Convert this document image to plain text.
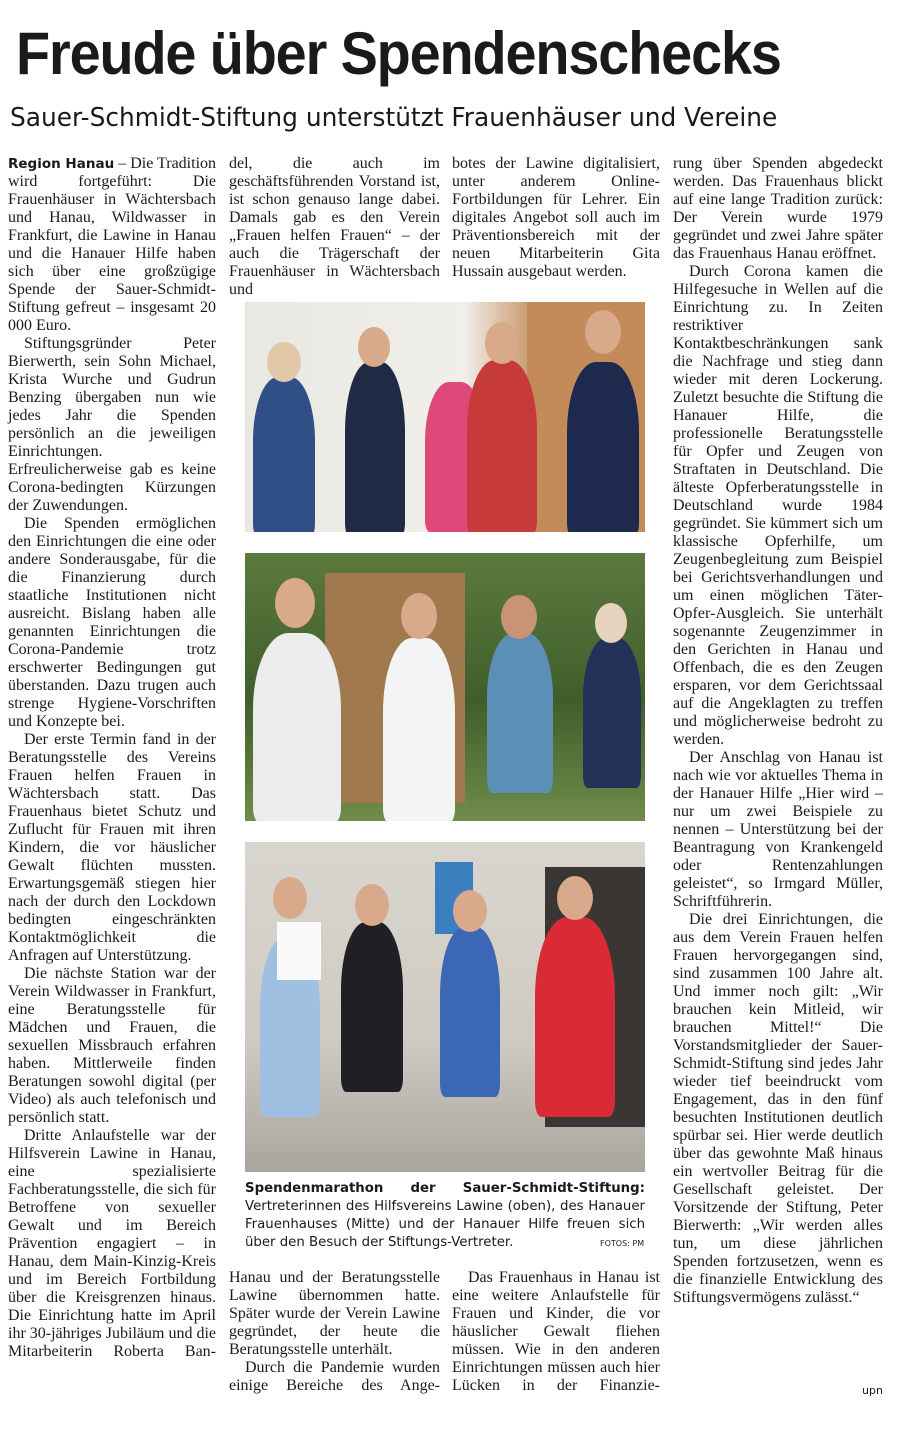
Freude über Spendenschecks
Sauer-Schmidt-Stiftung unterstützt Frauenhäuser und Vereine

Region Hanau – Die Tradition wird fortgeführt: Die Frauenhäuser in Wächtersbach und Hanau, Wildwasser in Frankfurt, die Lawine in Hanau und die Hanauer Hilfe haben sich über eine großzügige Spende der Sauer-Schmidt-Stiftung gefreut – insgesamt 20 000 Euro.

Stiftungsgründer Peter Bierwerth, sein Sohn Michael, Krista Wurche und Gudrun Benzing übergaben nun wie jedes Jahr die Spenden persönlich an die jeweiligen Einrichtungen. Erfreulicherweise gab es keine Corona-bedingten Kürzungen der Zuwendungen.

Die Spenden ermöglichen den Einrichtungen die eine oder andere Sonderausgabe, für die die Finanzierung durch staatliche Institutionen nicht ausreicht. Bislang haben alle genannten Einrichtungen die Corona-Pandemie trotz erschwerter Bedingungen gut überstanden. Dazu trugen auch strenge Hygiene-Vorschriften und Konzepte bei.

Der erste Termin fand in der Beratungsstelle des Vereins Frauen helfen Frauen in Wächtersbach statt. Das Frauenhaus bietet Schutz und Zuflucht für Frauen mit ihren Kindern, die vor häuslicher Gewalt flüchten mussten. Erwartungsgemäß stiegen hier nach der durch den Lockdown bedingten eingeschränkten Kontaktmöglichkeit die Anfragen auf Unterstützung.

Die nächste Station war der Verein Wildwasser in Frankfurt, eine Beratungsstelle für Mädchen und Frauen, die sexuellen Missbrauch erfahren haben. Mittlerweile finden Beratungen sowohl digital (per Video) als auch telefonisch und persönlich statt.

Dritte Anlaufstelle war der Hilfsverein Lawine in Hanau, eine spezialisierte Fachberatungsstelle, die sich für Betroffene von sexueller Gewalt und im Bereich Prävention engagiert – in Hanau, dem Main-Kinzig-Kreis und im Bereich Fortbildung über die Kreisgrenzen hinaus. Die Einrichtung hatte im April ihr 30-jähriges Jubiläum und die Mitarbeiterin Roberta Ban-

del, die auch im geschäftsführenden Vorstand ist, ist schon genauso lange dabei. Damals gab es den Verein „Frauen helfen Frauen“ – der auch die Trägerschaft der Frauenhäuser in Wächtersbach und

botes der Lawine digitalisiert, unter anderem Online-Fortbildungen für Lehrer. Ein digitales Angebot soll auch im Präventionsbereich mit der neuen Mitarbeiterin Gita Hussain ausgebaut werden.

rung über Spenden abgedeckt werden. Das Frauenhaus blickt auf eine lange Tradition zurück: Der Verein wurde 1979 gegründet und zwei Jahre später das Frauenhaus Hanau eröffnet.

Durch Corona kamen die Hilfegesuche in Wellen auf die Einrichtung zu. In Zeiten restriktiver Kontaktbeschränkungen sank die Nachfrage und stieg dann wieder mit deren Lockerung. Zuletzt besuchte die Stiftung die Hanauer Hilfe, die professionelle Beratungsstelle für Opfer und Zeugen von Straftaten in Deutschland. Die älteste Opferberatungsstelle in Deutschland wurde 1984 gegründet. Sie kümmert sich um klassische Opferhilfe, um Zeugenbegleitung zum Beispiel bei Gerichtsverhandlungen und um einen möglichen Täter-Opfer-Ausgleich. Sie unterhält sogenannte Zeugenzimmer in den Gerichten in Hanau und Offenbach, die es den Zeugen ersparen, vor dem Gerichtssaal auf die Angeklagten zu treffen und möglicherweise bedroht zu werden.

Der Anschlag von Hanau ist nach wie vor aktuelles Thema in der Hanauer Hilfe „Hier wird – nur um zwei Beispiele zu nennen – Unterstützung bei der Beantragung von Krankengeld oder Rentenzahlungen geleistet“, so Irmgard Müller, Schriftführerin.

Die drei Einrichtungen, die aus dem Verein Frauen helfen Frauen hervorgegangen sind, sind zusammen 100 Jahre alt. Und immer noch gilt: „Wir brauchen kein Mitleid, wir brauchen Mittel!“ Die Vorstandsmitglieder der Sauer-Schmidt-Stiftung sind jedes Jahr wieder tief beeindruckt vom Engagement, das in den fünf besuchten Institutionen deutlich spürbar sei. Hier werde deutlich über das gewohnte Maß hinaus ein wertvoller Beitrag für die Gesellschaft geleistet. Der Vorsitzende der Stiftung, Peter Bierwerth: „Wir werden alles tun, um diese jährlichen Spenden fortzusetzen, wenn es die finanzielle Entwicklung des Stiftungsvermögens zulässt.“

Spendenmarathon der Sauer-Schmidt-Stiftung: Vertreterinnen des Hilfsvereins Lawine (oben), des Hanauer Frauenhauses (Mitte) und der Hanauer Hilfe freuen sich über den Besuch der Stiftungs-Vertreter.	FOTOS: PM

Hanau und der Beratungsstelle Lawine übernommen hatte. Später wurde der Verein Lawine gegründet, der heute die Beratungsstelle unterhält.

Durch die Pandemie wurden einige Bereiche des Ange-

Das Frauenhaus in Hanau ist eine weitere Anlaufstelle für Frauen und Kinder, die vor häuslicher Gewalt fliehen müssen. Wie in den anderen Einrichtungen müssen auch hier Lücken in der Finanzie-	upn
